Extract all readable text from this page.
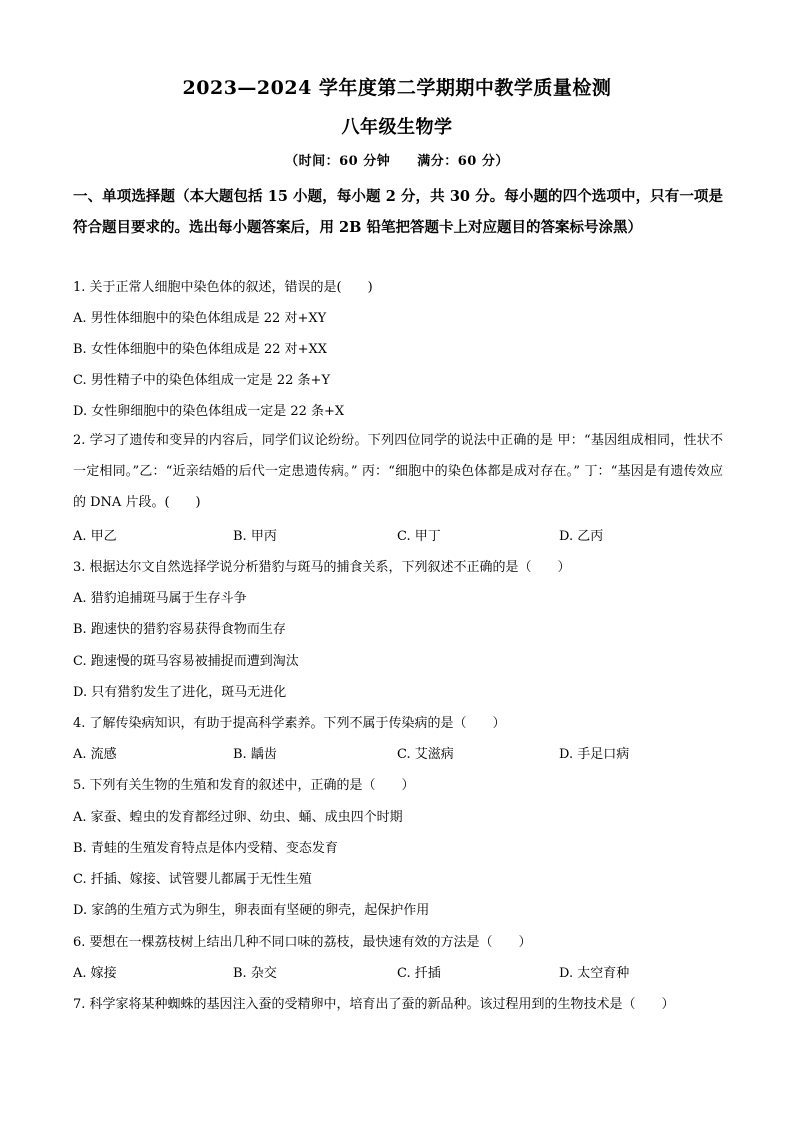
2023—2024 学年度第二学期期中教学质量检测
八年级生物学
（时间：60 分钟　　满分：60 分）
一、单项选择题（本大题包括 15 小题，每小题 2 分，共 30 分。每小题的四个选项中，只有一项是符合题目要求的。选出每小题答案后，用 2B 铅笔把答题卡上对应题目的答案标号涂黑）
1. 关于正常人细胞中染色体的叙述，错误的是(　　)
A. 男性体细胞中的染色体组成是 22 对+XY
B. 女性体细胞中的染色体组成是 22 对+XX
C. 男性精子中的染色体组成一定是 22 条+Y
D. 女性卵细胞中的染色体组成一定是 22 条+X
2. 学习了遗传和变异的内容后，同学们议论纷纷。下列四位同学的说法中正确的是 甲：“基因组成相同，性状不一定相同。”乙：“近亲结婚的后代一定患遗传病。” 丙：“细胞中的染色体都是成对存在。” 丁：“基因是有遗传效应的 DNA 片段。(　　)
A. 甲乙	B. 甲丙	C. 甲丁	D. 乙丙
3. 根据达尔文自然选择学说分析猎豹与斑马的捕食关系，下列叙述不正确的是（　　）
A. 猎豹追捕斑马属于生存斗争
B. 跑速快的猎豹容易获得食物而生存
C. 跑速慢的斑马容易被捕捉而遭到淘汰
D. 只有猎豹发生了进化，斑马无进化
4. 了解传染病知识，有助于提高科学素养。下列不属于传染病的是（　　）
A. 流感	B. 龋齿	C. 艾滋病	D. 手足口病
5. 下列有关生物的生殖和发育的叙述中，正确的是（　　）
A. 家蚕、蝗虫的发育都经过卵、幼虫、蛹、成虫四个时期
B. 青蛙的生殖发育特点是体内受精、变态发育
C. 扦插、嫁接、试管婴儿都属于无性生殖
D. 家鸽的生殖方式为卵生，卵表面有坚硬的卵壳，起保护作用
6. 要想在一棵荔枝树上结出几种不同口味的荔枝，最快速有效的方法是（　　）
A. 嫁接	B. 杂交	C. 扦插	D. 太空育种
7. 科学家将某种蜘蛛的基因注入蚕的受精卵中，培育出了蚕的新品种。该过程用到的生物技术是（　　）
